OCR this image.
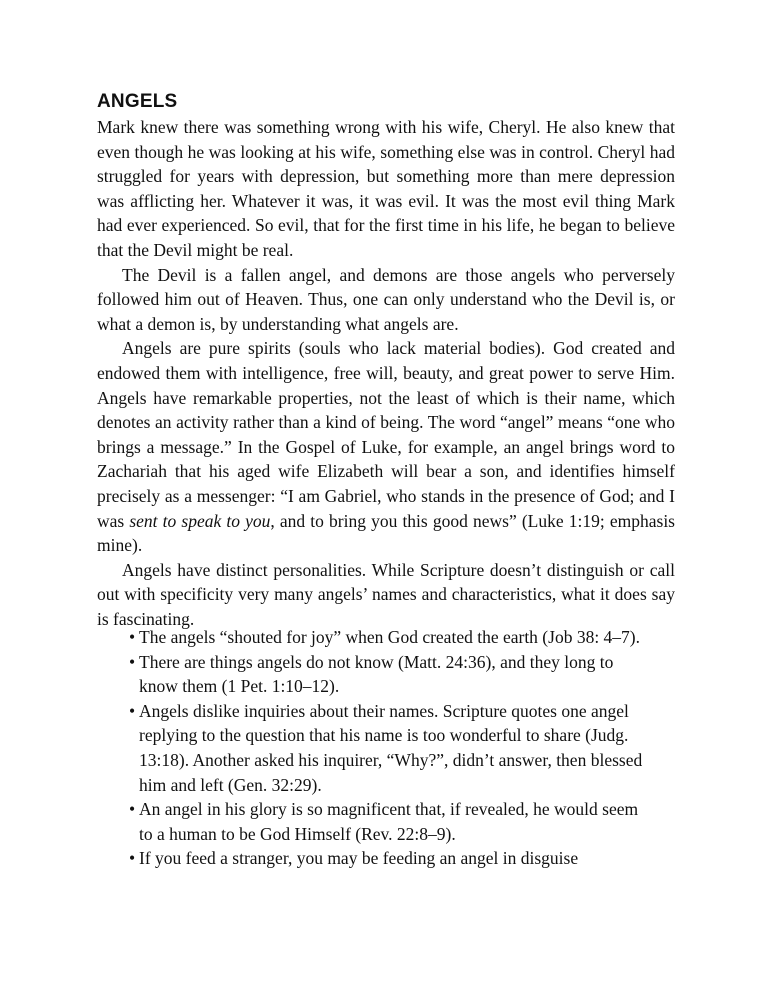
ANGELS

Mark knew there was something wrong with his wife, Cheryl. He also knew that even though he was looking at his wife, something else was in control. Cheryl had struggled for years with depression, but something more than mere depression was afflicting her. Whatever it was, it was evil. It was the most evil thing Mark had ever experienced. So evil, that for the first time in his life, he began to believe that the Devil might be real.

The Devil is a fallen angel, and demons are those angels who perversely followed him out of Heaven. Thus, one can only understand who the Devil is, or what a demon is, by understanding what angels are.

Angels are pure spirits (souls who lack material bodies). God created and endowed them with intelligence, free will, beauty, and great power to serve Him. Angels have remarkable properties, not the least of which is their name, which denotes an activity rather than a kind of being. The word “angel” means “one who brings a message.” In the Gospel of Luke, for example, an angel brings word to Zachariah that his aged wife Elizabeth will bear a son, and identifies himself precisely as a messenger: “I am Gabriel, who stands in the presence of God; and I was sent to speak to you, and to bring you this good news” (Luke 1:19; emphasis mine).

Angels have distinct personalities. While Scripture doesn’t distinguish or call out with specificity very many angels’ names and characteristics, what it does say is fascinating.

• The angels “shouted for joy” when God created the earth (Job 38: 4–7).
• There are things angels do not know (Matt. 24:36), and they long to know them (1 Pet. 1:10–12).
• Angels dislike inquiries about their names. Scripture quotes one angel replying to the question that his name is too wonderful to share (Judg. 13:18). Another asked his inquirer, “Why?”, didn’t answer, then blessed him and left (Gen. 32:29).
• An angel in his glory is so magnificent that, if revealed, he would seem to a human to be God Himself (Rev. 22:8–9).
• If you feed a stranger, you may be feeding an angel in disguise
